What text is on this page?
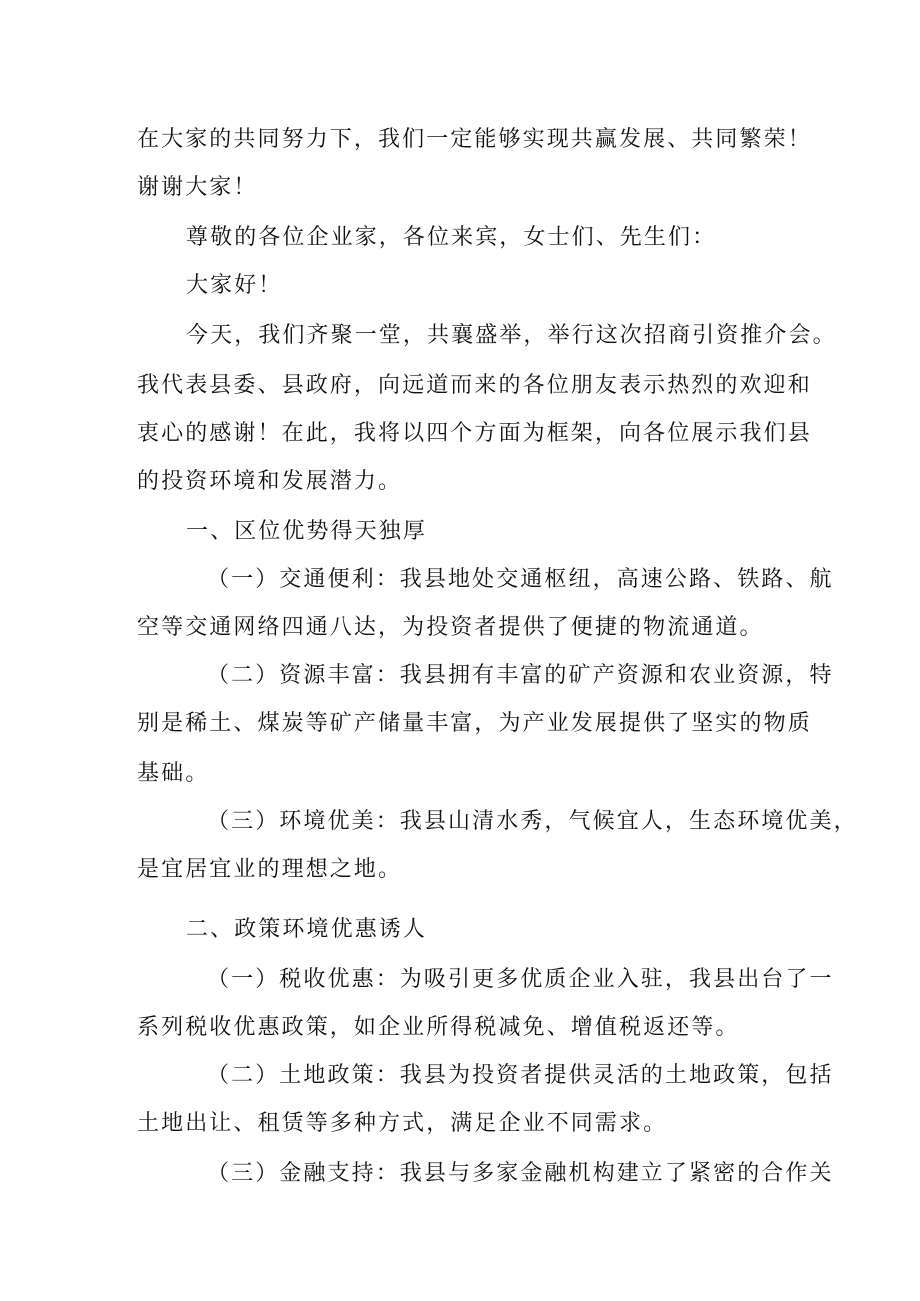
在大家的共同努力下，我们一定能够实现共赢发展、共同繁荣！
谢谢大家！
尊敬的各位企业家，各位来宾，女士们、先生们：
大家好！
今天，我们齐聚一堂，共襄盛举，举行这次招商引资推介会。
我代表县委、县政府，向远道而来的各位朋友表示热烈的欢迎和
衷心的感谢！在此，我将以四个方面为框架，向各位展示我们县
的投资环境和发展潜力。
一、区位优势得天独厚
（一）交通便利：我县地处交通枢纽，高速公路、铁路、航
空等交通网络四通八达，为投资者提供了便捷的物流通道。
（二）资源丰富：我县拥有丰富的矿产资源和农业资源，特
别是稀土、煤炭等矿产储量丰富，为产业发展提供了坚实的物质
基础。
（三）环境优美：我县山清水秀，气候宜人，生态环境优美，
是宜居宜业的理想之地。
二、政策环境优惠诱人
（一）税收优惠：为吸引更多优质企业入驻，我县出台了一
系列税收优惠政策，如企业所得税减免、增值税返还等。
（二）土地政策：我县为投资者提供灵活的土地政策，包括
土地出让、租赁等多种方式，满足企业不同需求。
（三）金融支持：我县与多家金融机构建立了紧密的合作关
